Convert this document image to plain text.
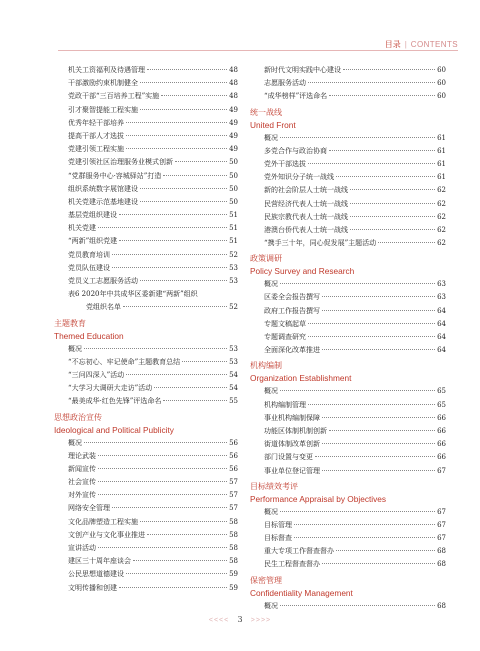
目录 | CONTENTS
机关工资福利及待遇管理	48
干部激励约束机制健全	48
党政干部“三百培养工程”实施	48
引才聚智提能工程实施	49
优秀年轻干部培养	49
提高干部人才选拔	49
党建引领工程实施	49
党建引领社区治理服务业模式创新	50
“党群服务中心·容城驿站”打造	50
组织系统数字展馆建设	50
机关党建示范基地建设	50
基层党组织建设	51
机关党建	51
“两新”组织党建	51
党员教育培训	52
党员队伍建设	53
党员义工志愿服务活动	53
表6 2020年中共成华区委新建“两新”组织
党组织名单	52
主题教育
Themed Education
概况	53
“不忘初心、牢记使命”主题教育总结	53
“三问四深入”活动	54
“大学习大调研大走访”活动	54
“最美成华·红色先锋”评选命名	55
思想政治宣传
Ideological and Political Publicity
概况	56
理论武装	56
新闻宣传	56
社会宣传	57
对外宣传	57
网络安全管理	57
文化品牌塑造工程实施	58
文创产业与文化事业推进	58
宣讲活动	58
建区三十周年座谈会	58
公民思想道德建设	59
文明传播和创建	59
新时代文明实践中心建设	60
志愿服务活动	60
“成华榜样”评选命名	60
统一战线
United Front
概况	61
多党合作与政治协商	61
党外干部选拔	61
党外知识分子统一战线	61
新的社会阶层人士统一战线	62
民营经济代表人士统一战线	62
民族宗教代表人士统一战线	62
港澳台侨代表人士统一战线	62
“携手三十年，同心促发展”主题活动	62
政策调研
Policy Survey and Research
概况	63
区委全会报告撰写	63
政府工作报告撰写	64
专题文稿起草	64
专题调查研究	64
全面深化改革推进	64
机构编制
Organization Establishment
概况	65
机构编制管理	65
事业机构编制保障	66
功能区体制机制创新	66
街道体制改革创新	66
部门设置与变更	66
事业单位登记管理	67
目标绩效考评
Performance Appraisal by Objectives
概况	67
目标管理	67
目标督查	67
重大专项工作督查督办	68
民生工程督查督办	68
保密管理
Confidentiality Management
概况	68
<<<< 3 >>>>
